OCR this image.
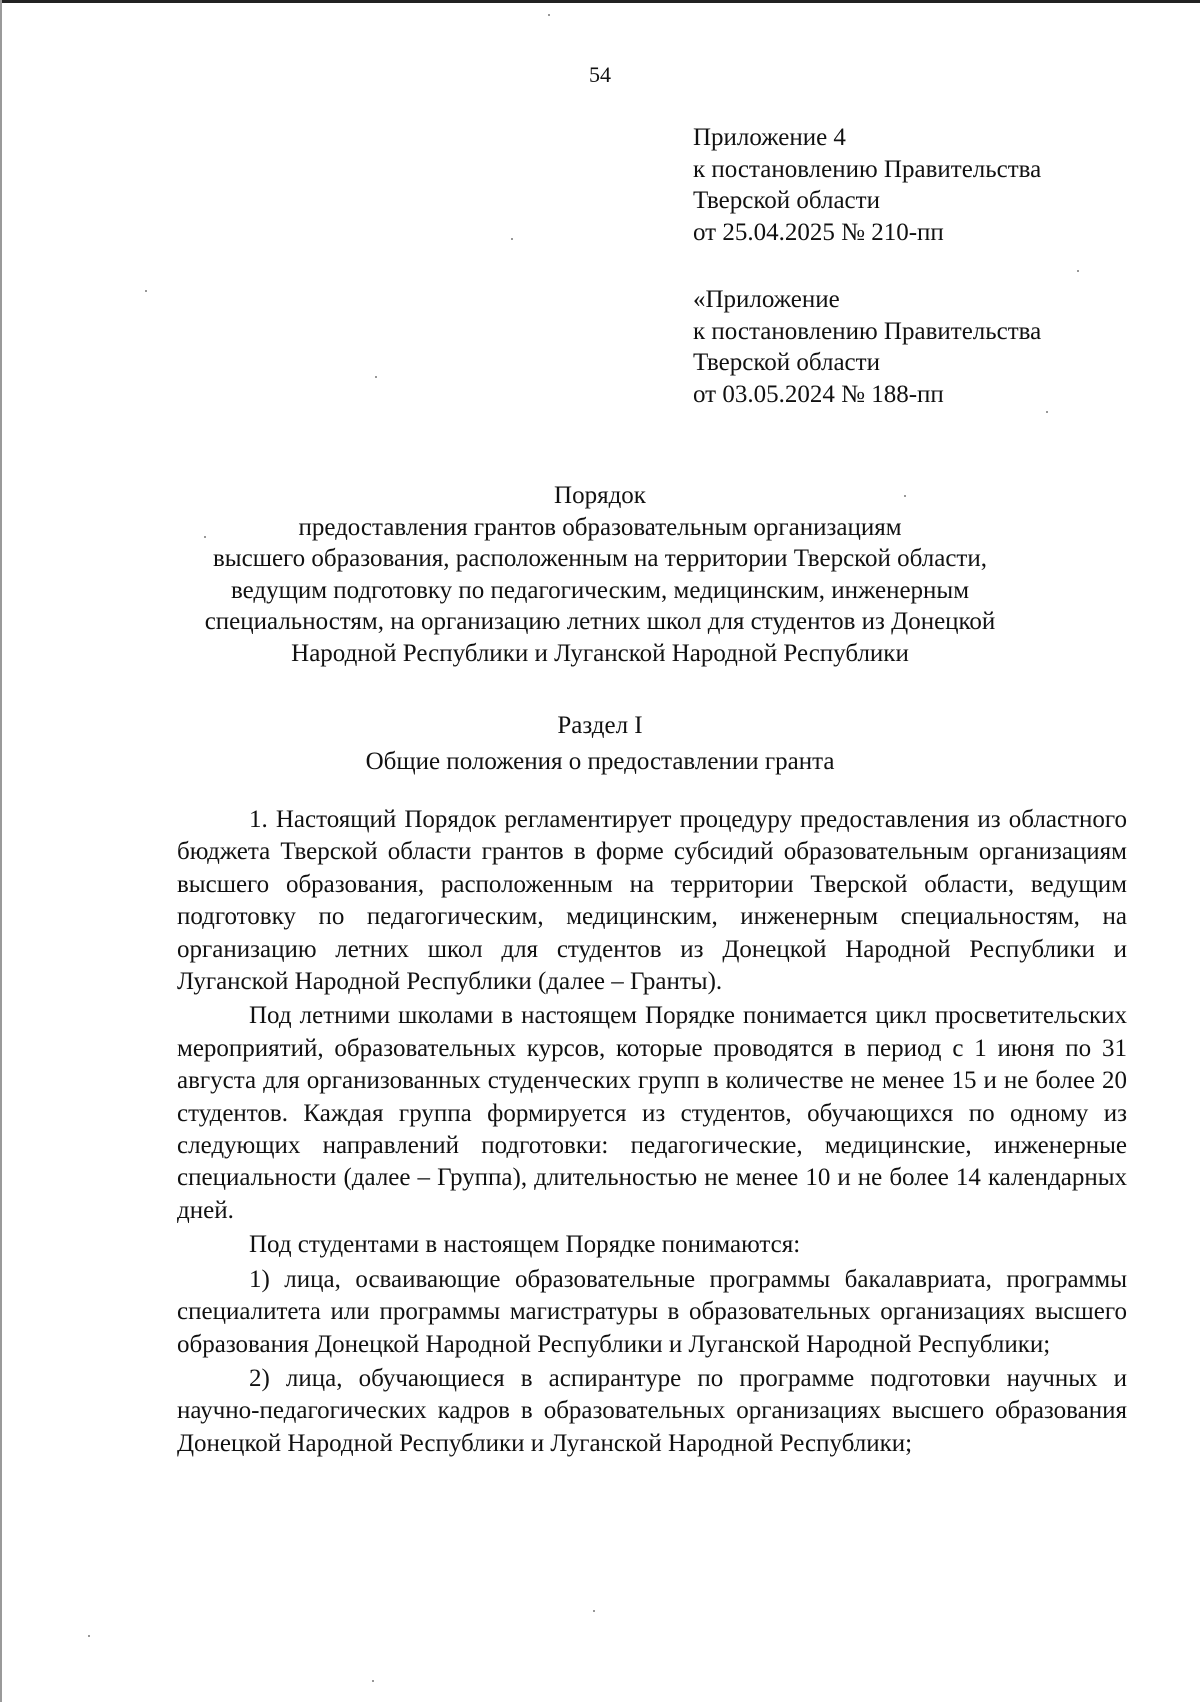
54
Приложение 4
к постановлению Правительства
Тверской области
от 25.04.2025 № 210-пп
«Приложение
к постановлению Правительства
Тверской области
от 03.05.2024 № 188-пп
Порядок
предоставления грантов образовательным организациям
высшего образования, расположенным на территории Тверской области,
ведущим подготовку по педагогическим, медицинским, инженерным
специальностям, на организацию летних школ для студентов из Донецкой
Народной Республики и Луганской Народной Республики
Раздел I
Общие положения о предоставлении гранта

1. Настоящий Порядок регламентирует процедуру предоставления из областного бюджета Тверской области грантов в форме субсидий образовательным организациям высшего образования, расположенным на территории Тверской области, ведущим подготовку по педагогическим, медицинским, инженерным специальностям, на организацию летних школ для студентов из Донецкой Народной Республики и Луганской Народной Республики (далее – Гранты).

Под летними школами в настоящем Порядке понимается цикл просветительских мероприятий, образовательных курсов, которые проводятся в период с 1 июня по 31 августа для организованных студенческих групп в количестве не менее 15 и не более 20 студентов. Каждая группа формируется из студентов, обучающихся по одному из следующих направлений подготовки: педагогические, медицинские, инженерные специальности (далее – Группа), длительностью не менее 10 и не более 14 календарных дней.

Под студентами в настоящем Порядке понимаются:

1) лица, осваивающие образовательные программы бакалавриата, программы специалитета или программы магистратуры в образовательных организациях высшего образования Донецкой Народной Республики и Луганской Народной Республики;

2) лица, обучающиеся в аспирантуре по программе подготовки научных и научно-педагогических кадров в образовательных организациях высшего образования Донецкой Народной Республики и Луганской Народной Республики;
